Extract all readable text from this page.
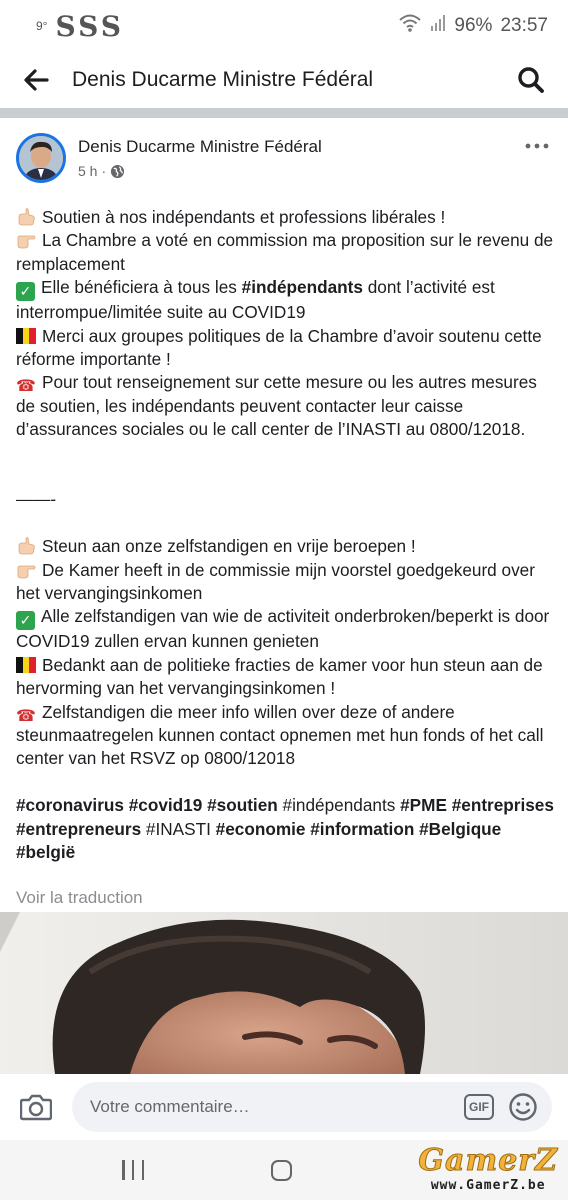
9° SSS	96% 23:57
Denis Ducarme Ministre Fédéral
Denis Ducarme Ministre Fédéral
5 h ·

Soutien à nos indépendants et professions libérales !

La Chambre a voté en commission ma proposition sur le revenu de remplacement

✓ Elle bénéficiera à tous les #indépendants dont l’activité est interrompue/limitée suite au COVID19

Merci aux groupes politiques de la Chambre d’avoir soutenu cette réforme importante !

☎ Pour tout renseignement sur cette mesure ou les autres mesures de soutien, les indépendants peuvent contacter leur caisse d’assurances sociales ou le call center de l’INASTI au 0800/12018.

——-

Steun aan onze zelfstandigen en vrije beroepen !

De Kamer heeft in de commissie mijn voorstel goedgekeurd over het vervangingsinkomen

✓ Alle zelfstandigen van wie de activiteit onderbroken/beperkt is door COVID19 zullen ervan kunnen genieten

Bedankt aan de politieke fracties de kamer voor hun steun aan de hervorming van het vervangingsinkomen !

☎ Zelfstandigen die meer info willen over deze of andere steunmaatregelen kunnen contact opnemen met hun fonds of het call center van het RSVZ op 0800/12018

#coronavirus #covid19 #soutien #indépendants #PME #entreprises #entrepreneurs #INASTI #economie #information #Belgique #belgië

Voir la traduction
Votre commentaire…	GIF
GamerZ
www.GamerZ.be
